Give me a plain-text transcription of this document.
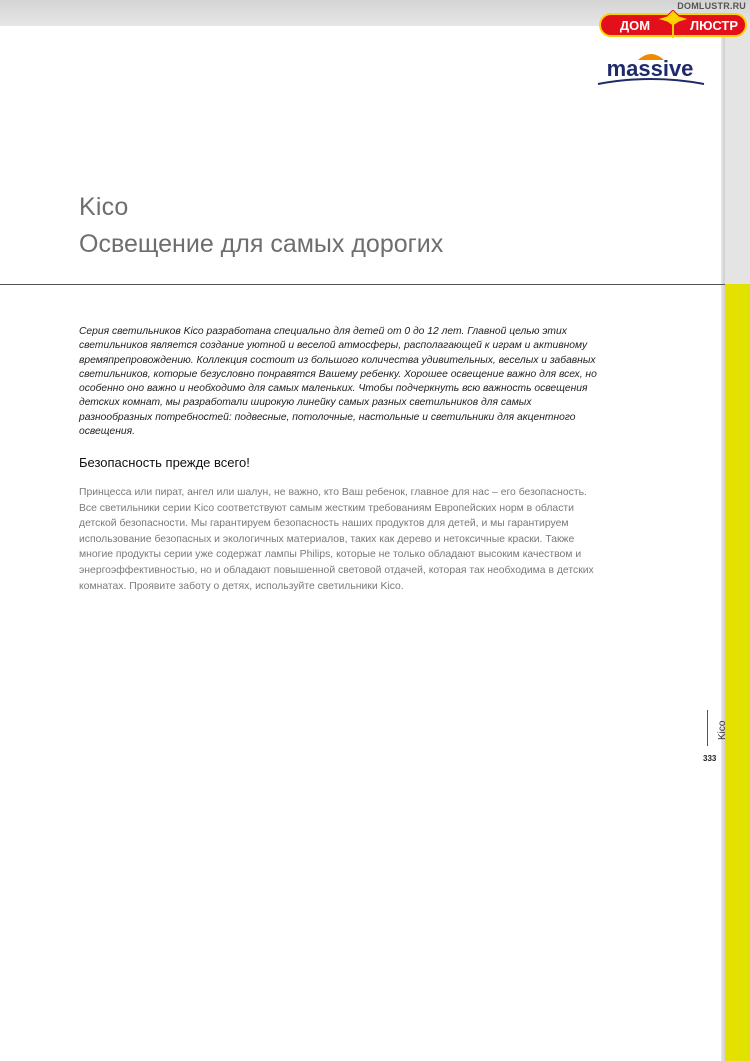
DOMLUSTR.RU
ДОМ	ЛЮСТР
massive
Kico
Освещение для самых дорогих

Серия светильников Kico разработана специально для детей от 0 до 12 лет. Главной целью этих светильников является создание уютной и веселой атмосферы, располагающей к играм и активному времяпрепровождению. Коллекция состоит из большого количества удивительных, веселых и забавных светильников, которые безусловно понравятся Вашему ребенку. Хорошее освещение важно для всех, но особенно оно важно и необходимо для самых маленьких. Чтобы подчеркнуть всю важность освещения детских комнат, мы разработали широкую линейку самых разных светильников для самых разнообразных потребностей: подвесные, потолочные, настольные и светильники для акцентного освещения.

Безопасность прежде всего!

Принцесса или пират, ангел или шалун, не важно, кто Ваш ребенок, главное для нас – его безопасность. Все светильники серии Kico соответствуют самым жестким требованиям Европейских норм в области детской безопасности. Мы гарантируем безопасность наших продуктов для детей, и мы гарантируем использование безопасных и экологичных материалов, таких как дерево и нетоксичные краски. Также многие продукты серии уже содержат лампы Philips, которые не только обладают высоким качеством и энергоэффективностью, но и обладают повышенной световой отдачей, которая так необходима в детских комнатах. Проявите заботу о детях, используйте светильники Kico.

Kico
333
